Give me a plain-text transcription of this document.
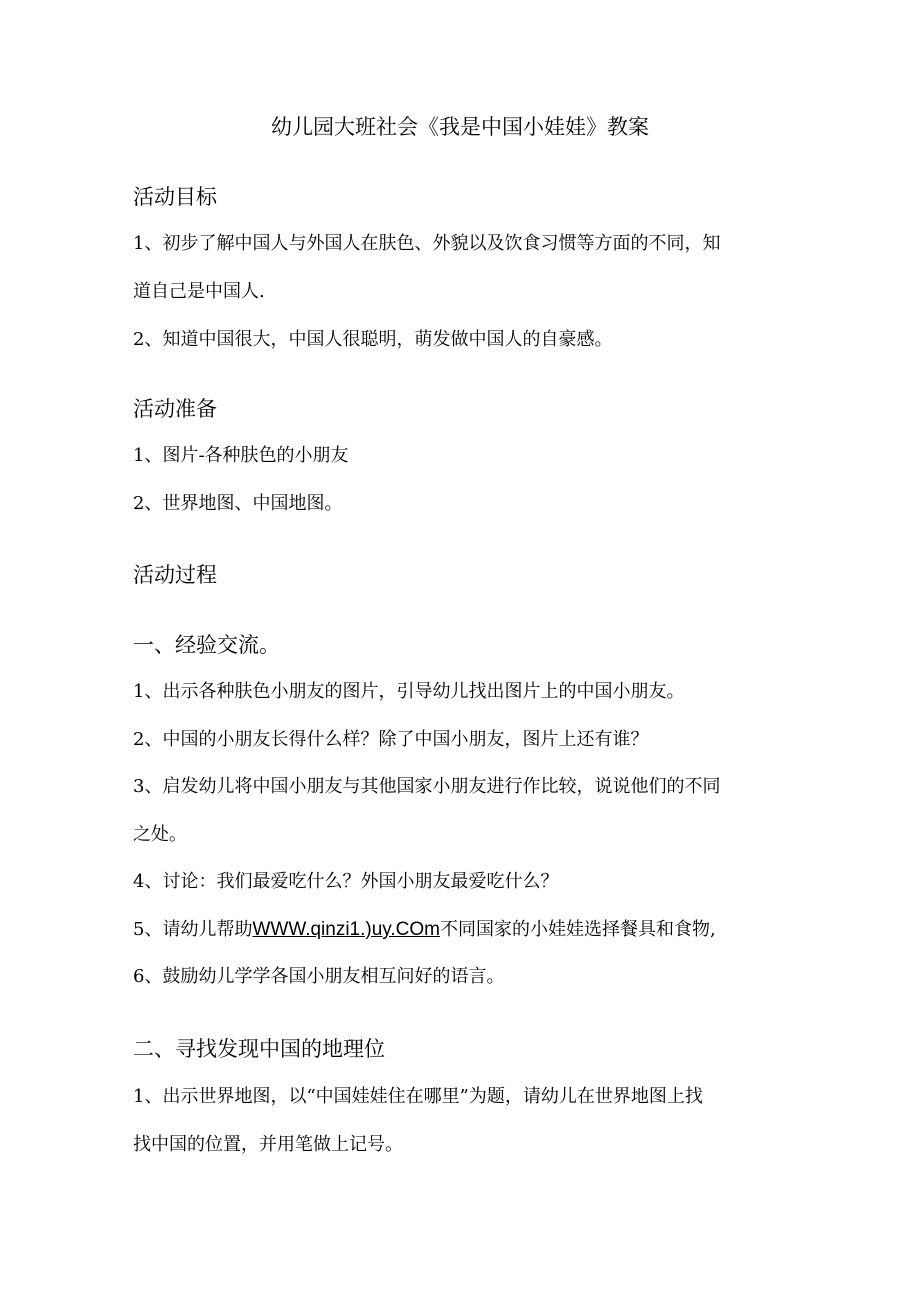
幼儿园大班社会《我是中国小娃娃》教案
活动目标
1、初步了解中国人与外国人在肤色、外貌以及饮食习惯等方面的不同，知
道自己是中国人.
2、知道中国很大，中国人很聪明，萌发做中国人的自豪感。
活动准备
1、图片-各种肤色的小朋友
2、世界地图、中国地图。
活动过程
一、经验交流。
1、出示各种肤色小朋友的图片，引导幼儿找出图片上的中国小朋友。
2、中国的小朋友长得什么样？除了中国小朋友，图片上还有谁？
3、启发幼儿将中国小朋友与其他国家小朋友进行作比较，说说他们的不同
之处。
4、讨论：我们最爱吃什么？外国小朋友最爱吃什么？
5、请幼儿帮助WWW.qinzi1.)uy.COm不同国家的小娃娃选择餐具和食物,
6、鼓励幼儿学学各国小朋友相互问好的语言。
二、寻找发现中国的地理位
1、出示世界地图，以“中国娃娃住在哪里”为题，请幼儿在世界地图上找
找中国的位置，并用笔做上记号。
